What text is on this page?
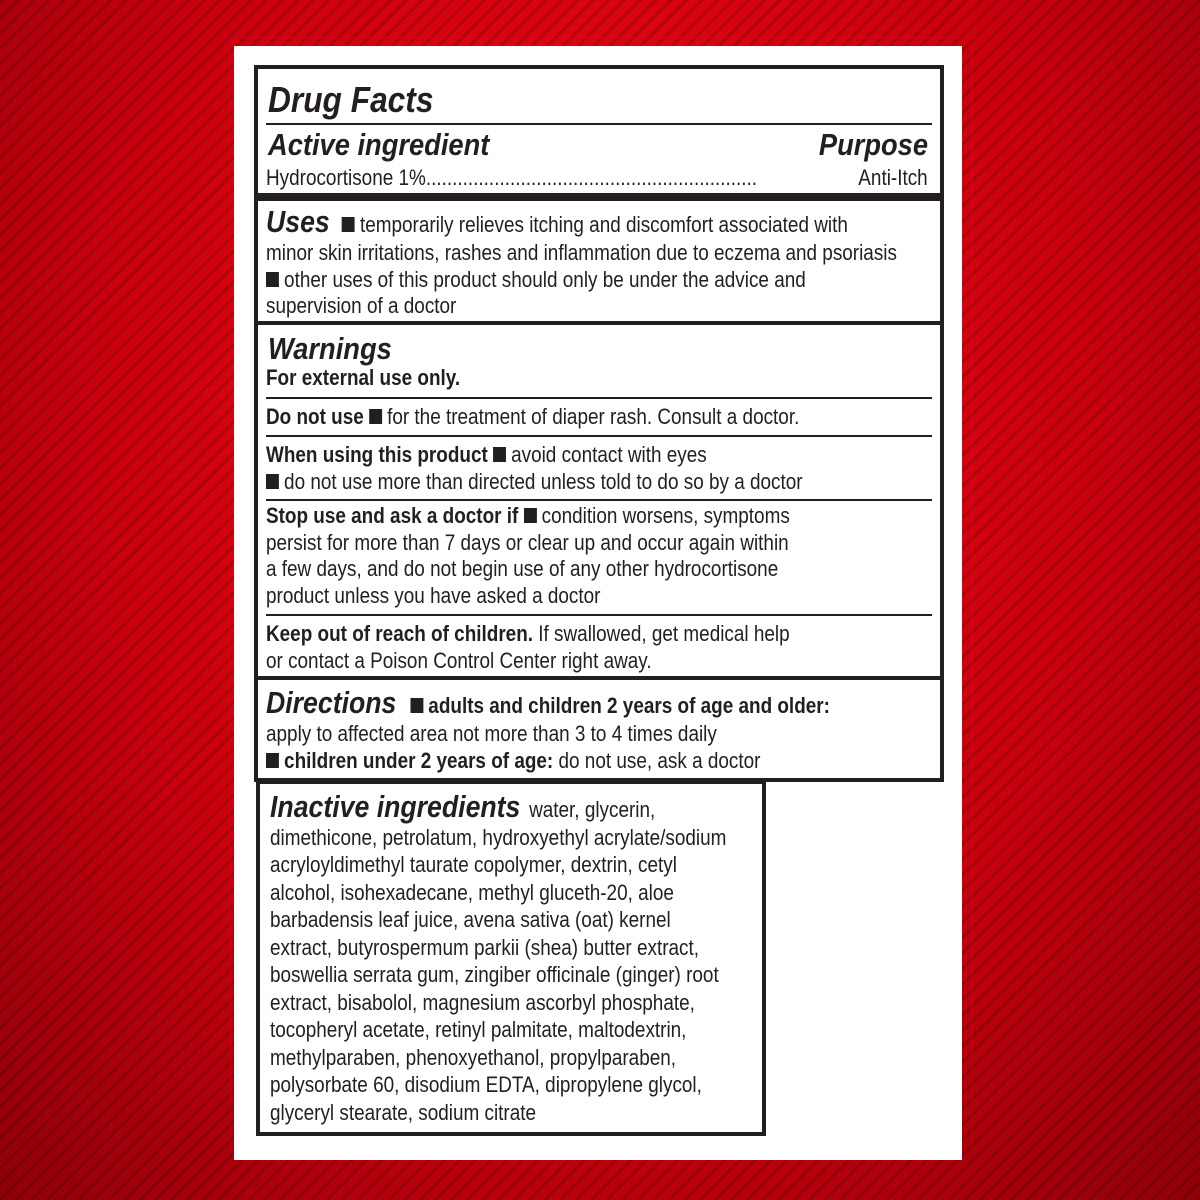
Drug Facts
Active ingredient	Purpose
Hydrocortisone 1%...............................................................	Anti-Itch
Uses temporarily relieves itching and discomfort associated with
minor skin irritations, rashes and inflammation due to eczema and psoriasis
other uses of this product should only be under the advice and
supervision of a doctor
Warnings
For external use only.
Do not use for the treatment of diaper rash. Consult a doctor.
When using this product avoid contact with eyes
do not use more than directed unless told to do so by a doctor
Stop use and ask a doctor if condition worsens, symptoms
persist for more than 7 days or clear up and occur again within
a few days, and do not begin use of any other hydrocortisone
product unless you have asked a doctor
Keep out of reach of children. If swallowed, get medical help
or contact a Poison Control Center right away.
Directions adults and children 2 years of age and older:
apply to affected area not more than 3 to 4 times daily
children under 2 years of age: do not use, ask a doctor
Inactive ingredients water, glycerin,
dimethicone, petrolatum, hydroxyethyl acrylate/sodium
acryloyldimethyl taurate copolymer, dextrin, cetyl
alcohol, isohexadecane, methyl gluceth-20, aloe
barbadensis leaf juice, avena sativa (oat) kernel
extract, butyrospermum parkii (shea) butter extract,
boswellia serrata gum, zingiber officinale (ginger) root
extract, bisabolol, magnesium ascorbyl phosphate,
tocopheryl acetate, retinyl palmitate, maltodextrin,
methylparaben, phenoxyethanol, propylparaben,
polysorbate 60, disodium EDTA, dipropylene glycol,
glyceryl stearate, sodium citrate
